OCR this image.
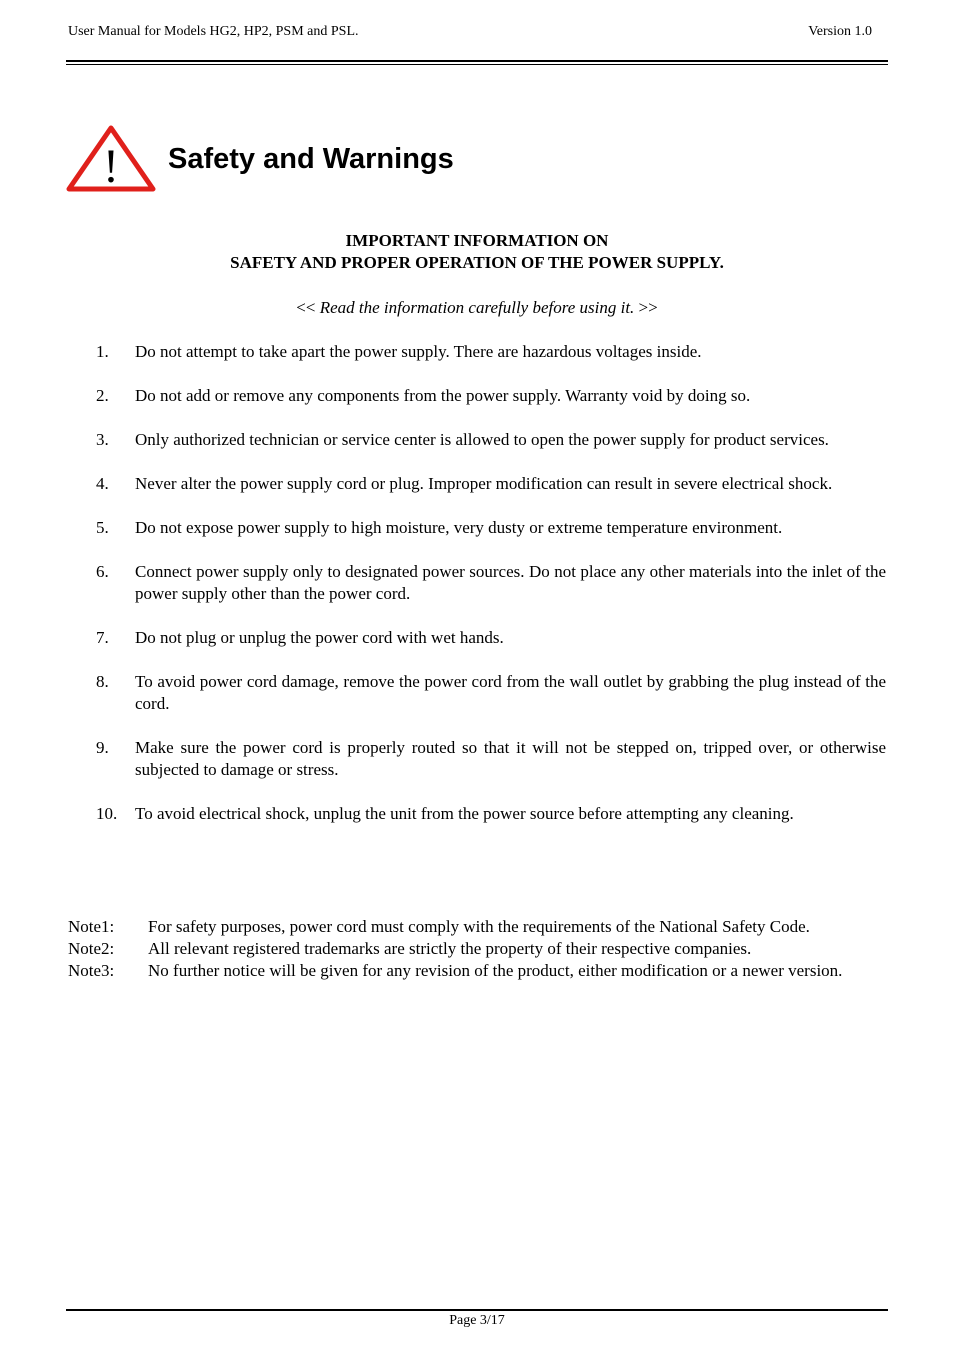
User Manual for Models HG2, HP2, PSM and PSL.	Version 1.0
! Safety and Warnings
IMPORTANT INFORMATION ON
SAFETY AND PROPER OPERATION OF THE POWER SUPPLY.
<< Read the information carefully before using it. >>
1. Do not attempt to take apart the power supply. There are hazardous voltages inside.
2. Do not add or remove any components from the power supply. Warranty void by doing so.
3. Only authorized technician or service center is allowed to open the power supply for product services.
4. Never alter the power supply cord or plug. Improper modification can result in severe electrical shock.
5. Do not expose power supply to high moisture, very dusty or extreme temperature environment.
6. Connect power supply only to designated power sources. Do not place any other materials into the inlet of the power supply other than the power cord.
7. Do not plug or unplug the power cord with wet hands.
8. To avoid power cord damage, remove the power cord from the wall outlet by grabbing the plug instead of the cord.
9. Make sure the power cord is properly routed so that it will not be stepped on, tripped over, or otherwise subjected to damage or stress.
10. To avoid electrical shock, unplug the unit from the power source before attempting any cleaning.
Note1: For safety purposes, power cord must comply with the requirements of the National Safety Code.
Note2: All relevant registered trademarks are strictly the property of their respective companies.
Note3: No further notice will be given for any revision of the product, either modification or a newer version.
Page 3/17
